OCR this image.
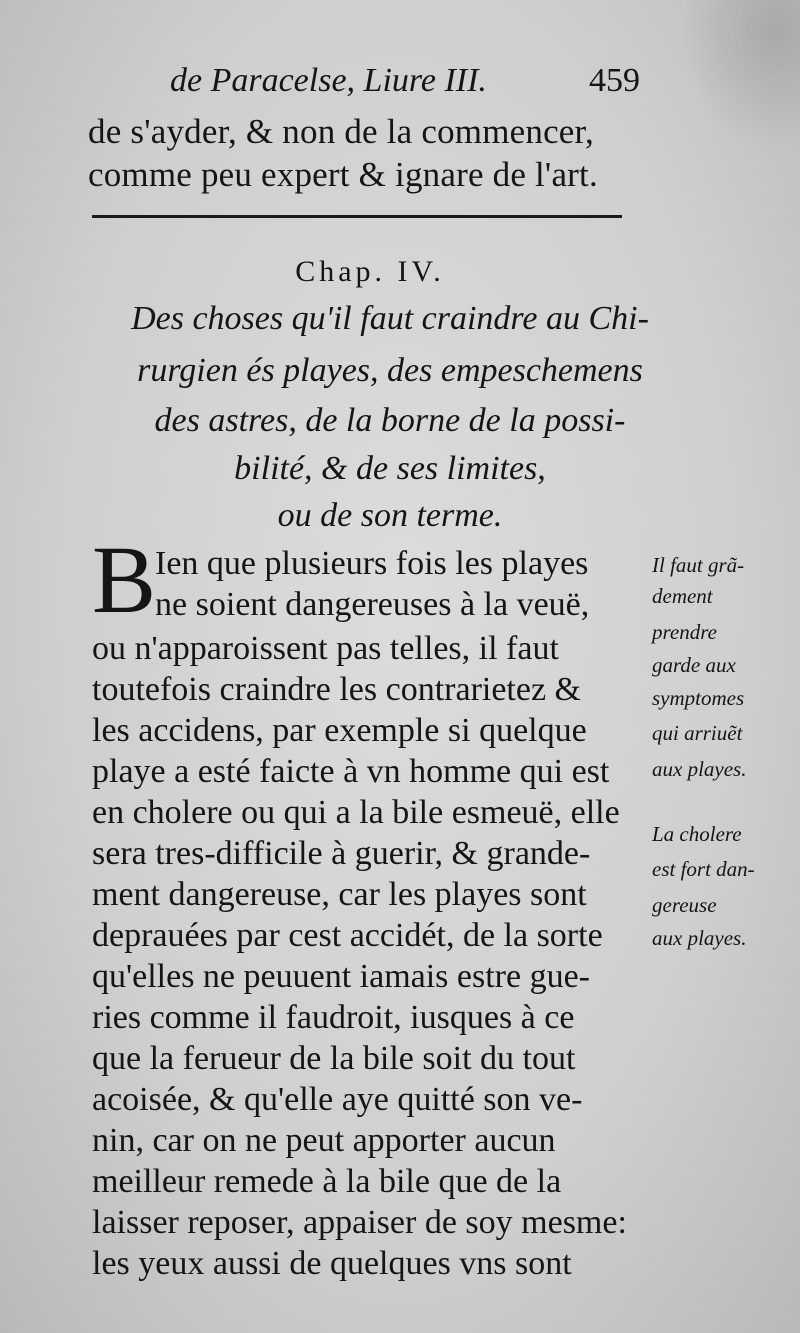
de Paracelse, Liure III.	459
de s'ayder, & non de la commencer,
comme peu expert & ignare de l'art.
Chap. IV.
Des choses qu'il faut craindre au Chi-
rurgien és playes, des empeschemens
des astres, de la borne de la possi-
bilité, & de ses limites,
ou de son terme.
B
Ien que plusieurs fois les playes
ne soient dangereuses à la veuë,
ou n'apparoissent pas telles, il faut
toutefois craindre les contrarietez &
les accidens, par exemple si quelque
playe a esté faicte à vn homme qui est
en cholere ou qui a la bile esmeuë, elle
sera tres-difficile à guerir, & grande-
ment dangereuse, car les playes sont
deprauées par cest accidét, de la sorte
qu'elles ne peuuent iamais estre gue-
ries comme il faudroit, iusques à ce
que la ferueur de la bile soit du tout
acoisée, & qu'elle aye quitté son ve-
nin, car on ne peut apporter aucun
meilleur remede à la bile que de la
laisser reposer, appaiser de soy mesme:
les yeux aussi de quelques vns sont
Il faut grã-
dement
prendre
garde aux
symptomes
qui arriuẽt
aux playes.
La cholere
est fort dan-
gereuse
aux playes.
